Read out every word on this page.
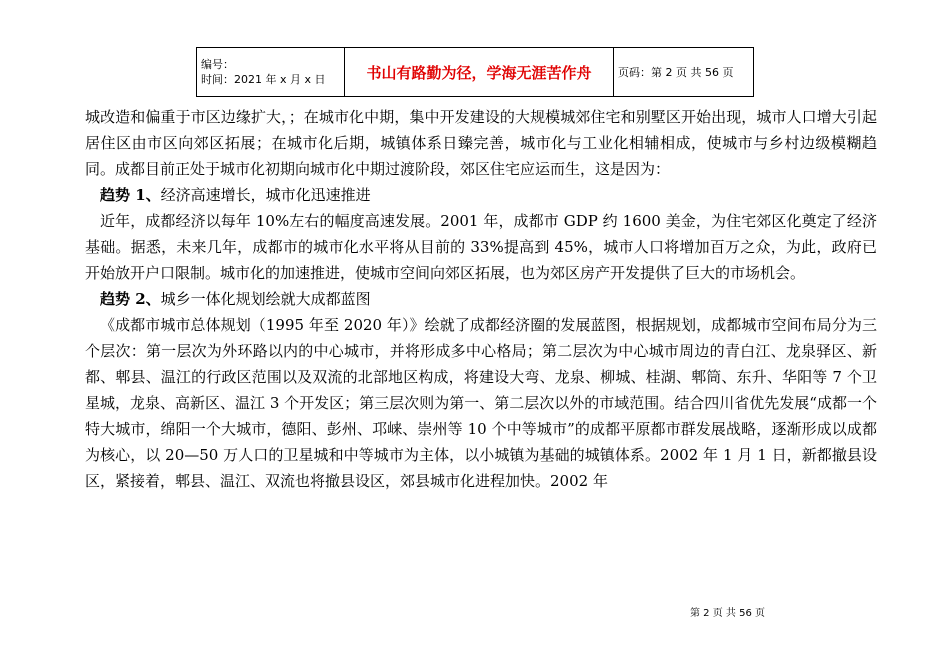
编号：
时间：2021 年 x 月 x 日	书山有路勤为径，学海无涯苦作舟	页码：第 2 页 共 56 页

城改造和偏重于市区边缘扩大，；在城市化中期，集中开发建设的大规模城郊住宅和别墅区开始出现，城市人口增大引起居住区由市区向郊区拓展；在城市化后期，城镇体系日臻完善，城市化与工业化相辅相成，使城市与乡村边级模糊趋同。成都目前正处于城市化初期向城市化中期过渡阶段，郊区住宅应运而生，这是因为：

趋势 1、经济高速增长，城市化迅速推进

近年，成都经济以每年 10%左右的幅度高速发展。2001 年，成都市 GDP 约 1600 美金，为住宅郊区化奠定了经济基础。据悉，未来几年，成都市的城市化水平将从目前的 33%提高到 45%，城市人口将增加百万之众，为此，政府已开始放开户口限制。城市化的加速推进，使城市空间向郊区拓展，也为郊区房产开发提供了巨大的市场机会。

趋势 2、城乡一体化规划绘就大成都蓝图

《成都市城市总体规划（1995 年至 2020 年）》绘就了成都经济圈的发展蓝图，根据规划，成都城市空间布局分为三个层次：第一层次为外环路以内的中心城市，并将形成多中心格局；第二层次为中心城市周边的青白江、龙泉驿区、新都、郫县、温江的行政区范围以及双流的北部地区构成，将建设大弯、龙泉、柳城、桂湖、郫筒、东升、华阳等 7 个卫星城，龙泉、高新区、温江 3 个开发区；第三层次则为第一、第二层次以外的市域范围。结合四川省优先发展“成都一个特大城市，绵阳一个大城市，德阳、彭州、邛崃、崇州等 10 个中等城市”的成都平原都市群发展战略，逐渐形成以成都为核心，以 20—50 万人口的卫星城和中等城市为主体，以小城镇为基础的城镇体系。2002 年 1 月 1 日，新都撤县设区，紧接着，郫县、温江、双流也将撤县设区，郊县城市化进程加快。2002 年

第 2 页 共 56 页
